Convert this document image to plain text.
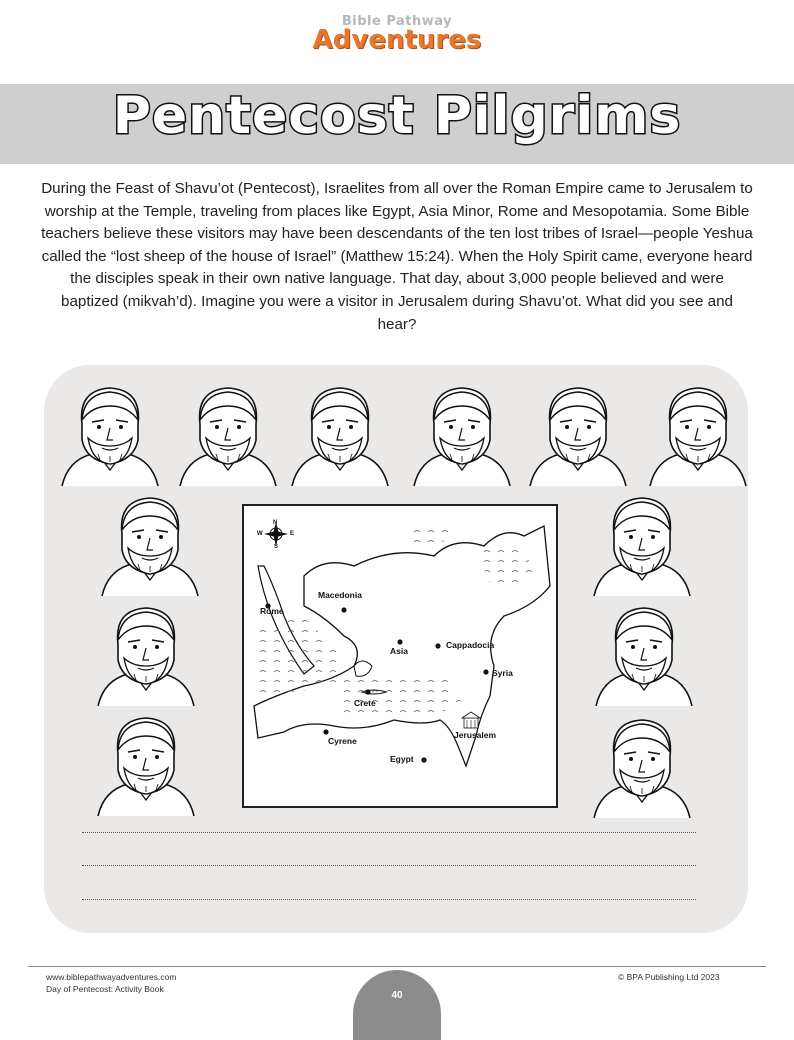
Bible Pathway
Adventures
Pentecost Pilgrims
During the Feast of Shavu’ot (Pentecost), Israelites from all over the Roman Empire came to Jerusalem to worship at the Temple, traveling from places like Egypt, Asia Minor, Rome and Mesopotamia. Some Bible teachers believe these visitors may have been descendants of the ten lost tribes of Israel—people Yeshua called the “lost sheep of the house of Israel” (Matthew 15:24). When the Holy Spirit came, everyone heard the disciples speak in their own native language. That day, about 3,000 people believed and were baptized (mikvah’d). Imagine you were a visitor in Jerusalem during Shavu’ot. What did you see and hear?
N
S
E
W
Macedonia
Rome
Asia
Cappadocia
Syria
Crete
Cyrene
Jerusalem
Egypt
www.biblepathwayadventures.com
Day of Pentecost: Activity Book
© BPA Publishing Ltd 2023
40
